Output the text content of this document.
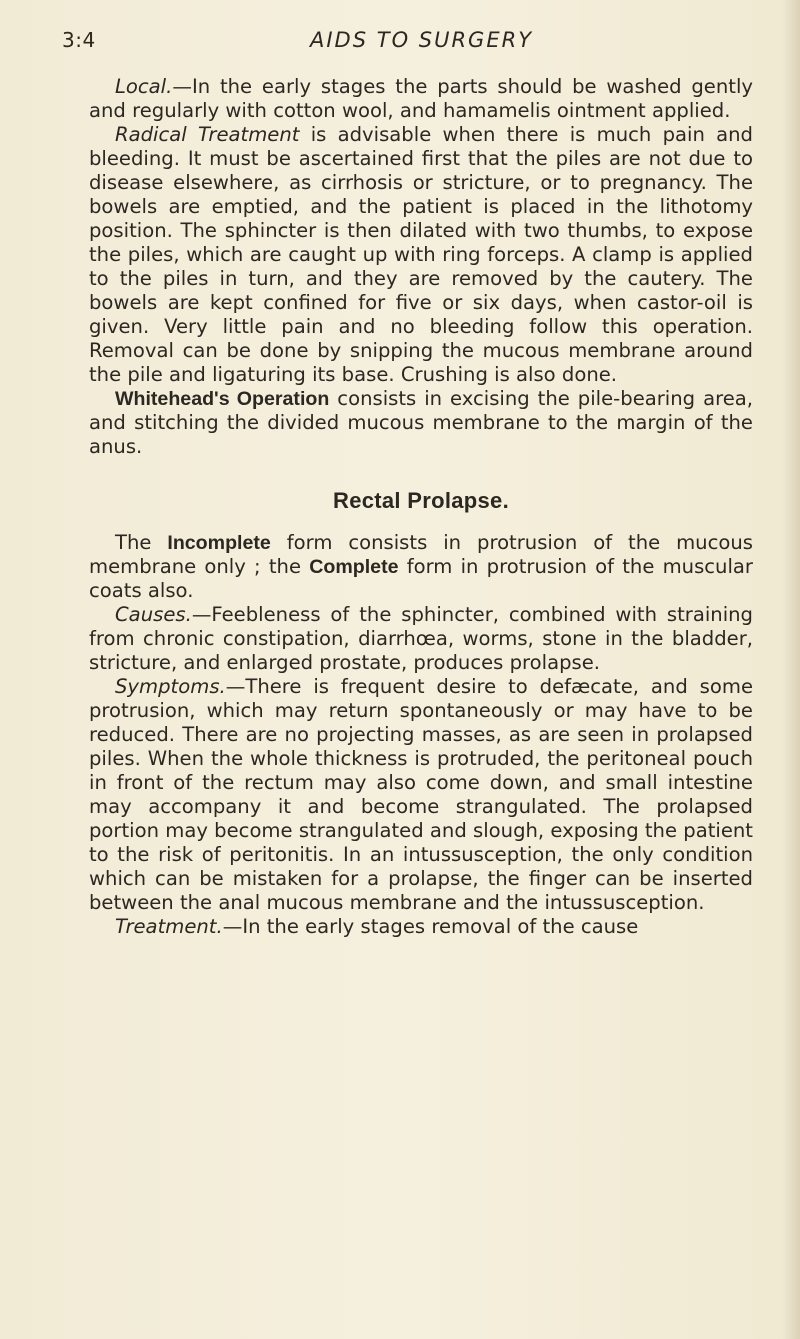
3:4	AIDS TO SURGERY

Local.—In the early stages the parts should be washed gently and regularly with cotton wool, and hamamelis ointment applied.

Radical Treatment is advisable when there is much pain and bleeding. It must be ascertained first that the piles are not due to disease elsewhere, as cirrhosis or stricture, or to pregnancy. The bowels are emptied, and the patient is placed in the lithotomy position. The sphincter is then dilated with two thumbs, to expose the piles, which are caught up with ring forceps. A clamp is applied to the piles in turn, and they are removed by the cautery. The bowels are kept confined for five or six days, when castor-oil is given. Very little pain and no bleeding follow this operation. Removal can be done by snipping the mucous membrane around the pile and ligaturing its base. Crushing is also done.

Whitehead's Operation consists in excising the pile-bearing area, and stitching the divided mucous membrane to the margin of the anus.

Rectal Prolapse.

The Incomplete form consists in protrusion of the mucous membrane only ; the Complete form in protrusion of the muscular coats also.

Causes.—Feebleness of the sphincter, combined with straining from chronic constipation, diarrhœa, worms, stone in the bladder, stricture, and enlarged prostate, produces prolapse.

Symptoms.—There is frequent desire to defæcate, and some protrusion, which may return spontaneously or may have to be reduced. There are no projecting masses, as are seen in prolapsed piles. When the whole thickness is protruded, the peritoneal pouch in front of the rectum may also come down, and small intestine may accompany it and become strangulated. The prolapsed portion may become strangulated and slough, exposing the patient to the risk of peritonitis. In an intussusception, the only condition which can be mistaken for a prolapse, the finger can be inserted between the anal mucous membrane and the intussusception.

Treatment.—In the early stages removal of the cause
